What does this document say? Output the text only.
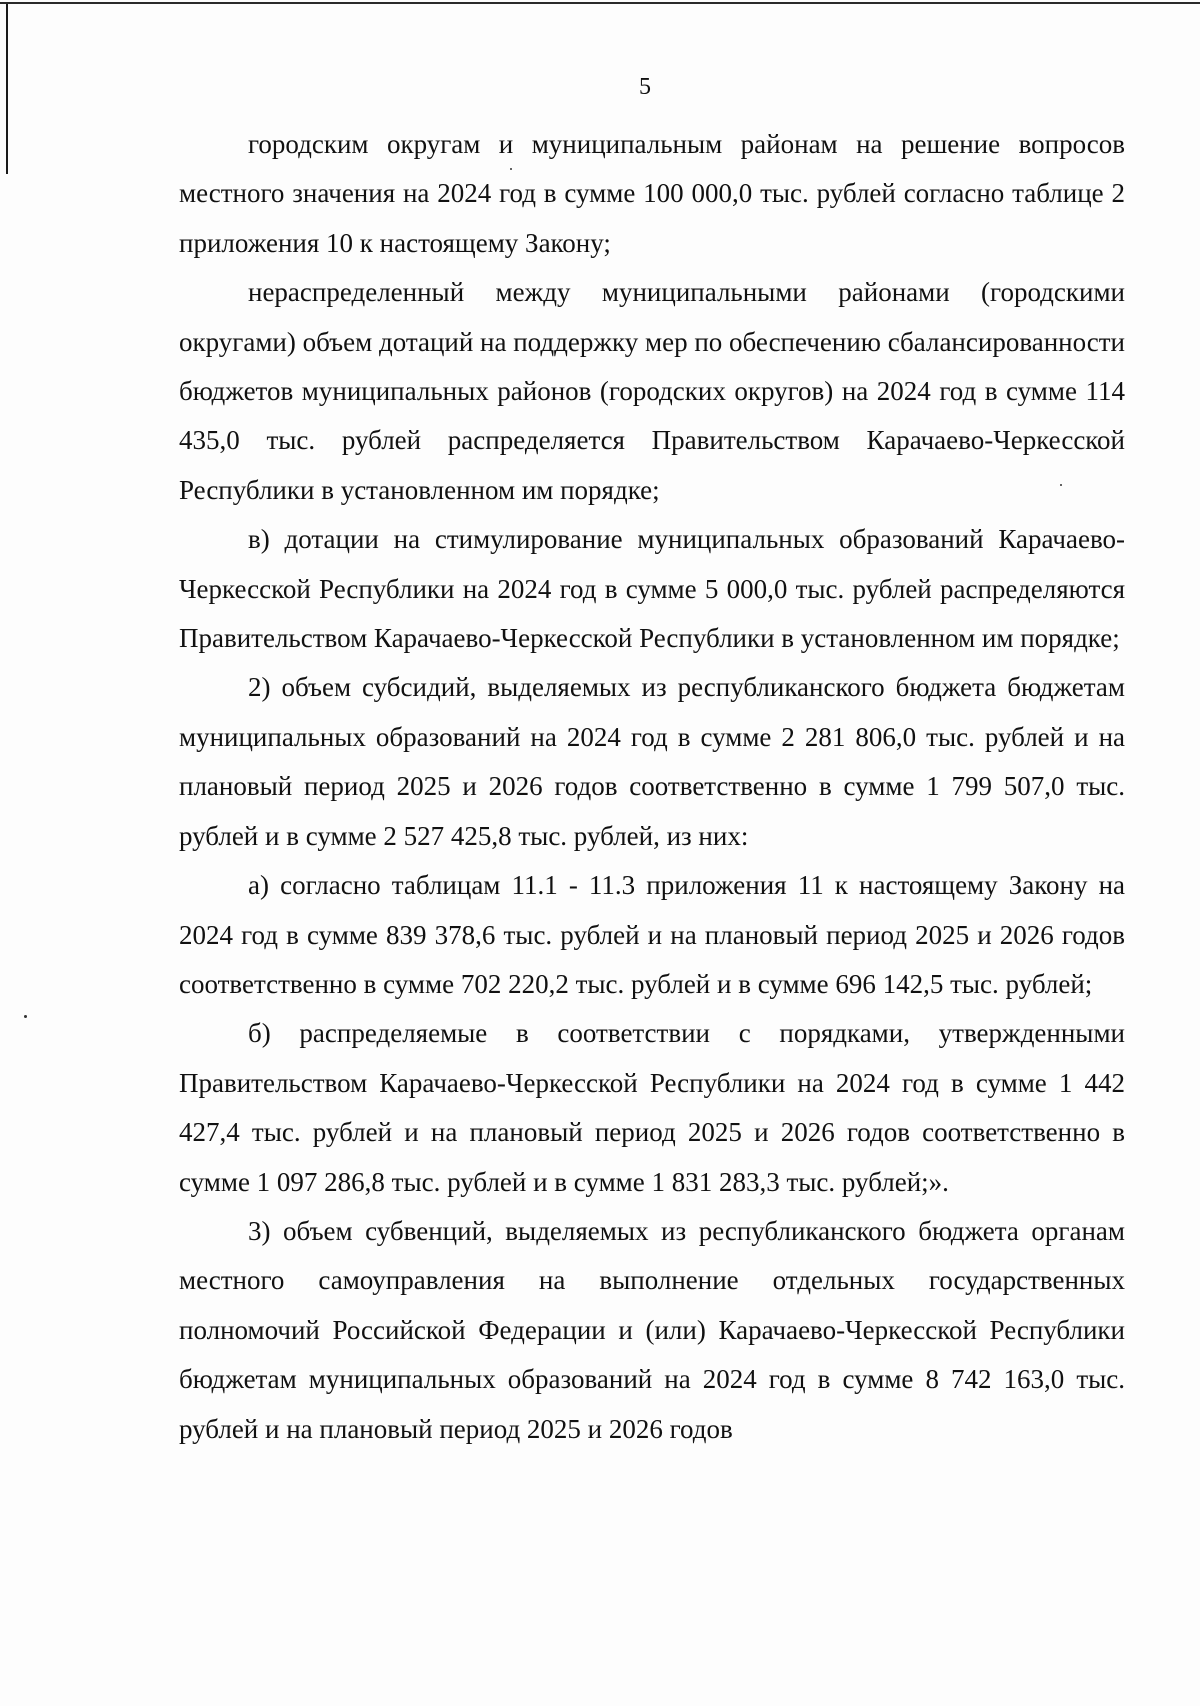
5

городским округам и муниципальным районам на решение вопросов местного значения на 2024 год в сумме 100 000,0 тыс. рублей согласно таблице 2 приложения 10 к настоящему Закону;

нераспределенный между муниципальными районами (городскими округами) объем дотаций на поддержку мер по обеспечению сбалансированности бюджетов муниципальных районов (городских округов) на 2024 год в сумме 114 435,0 тыс. рублей распределяется Правительством Карачаево-Черкесской Республики в установленном им порядке;

в) дотации на стимулирование муниципальных образований Карачаево-Черкесской Республики на 2024 год в сумме 5 000,0 тыс. рублей распределяются Правительством Карачаево-Черкесской Республики в установленном им порядке;

2) объем субсидий, выделяемых из республиканского бюджета бюджетам муниципальных образований на 2024 год в сумме 2 281 806,0 тыс. рублей и на плановый период 2025 и 2026 годов соответственно в сумме 1 799 507,0 тыс. рублей и в сумме 2 527 425,8 тыс. рублей, из них:

а) согласно таблицам 11.1 - 11.3 приложения 11 к настоящему Закону на 2024 год в сумме 839 378,6 тыс. рублей и на плановый период 2025 и 2026 годов соответственно в сумме 702 220,2 тыс. рублей и в сумме 696 142,5 тыс. рублей;

б) распределяемые в соответствии с порядками, утвержденными Правительством Карачаево-Черкесской Республики на 2024 год в сумме 1 442 427,4 тыс. рублей и на плановый период 2025 и 2026 годов соответственно в сумме 1 097 286,8 тыс. рублей и в сумме 1 831 283,3 тыс. рублей;».

3) объем субвенций, выделяемых из республиканского бюджета органам местного самоуправления на выполнение отдельных государственных полномочий Российской Федерации и (или) Карачаево-Черкесской Республики бюджетам муниципальных образований на 2024 год в сумме 8 742 163,0 тыс. рублей и на плановый период 2025 и 2026 годов
